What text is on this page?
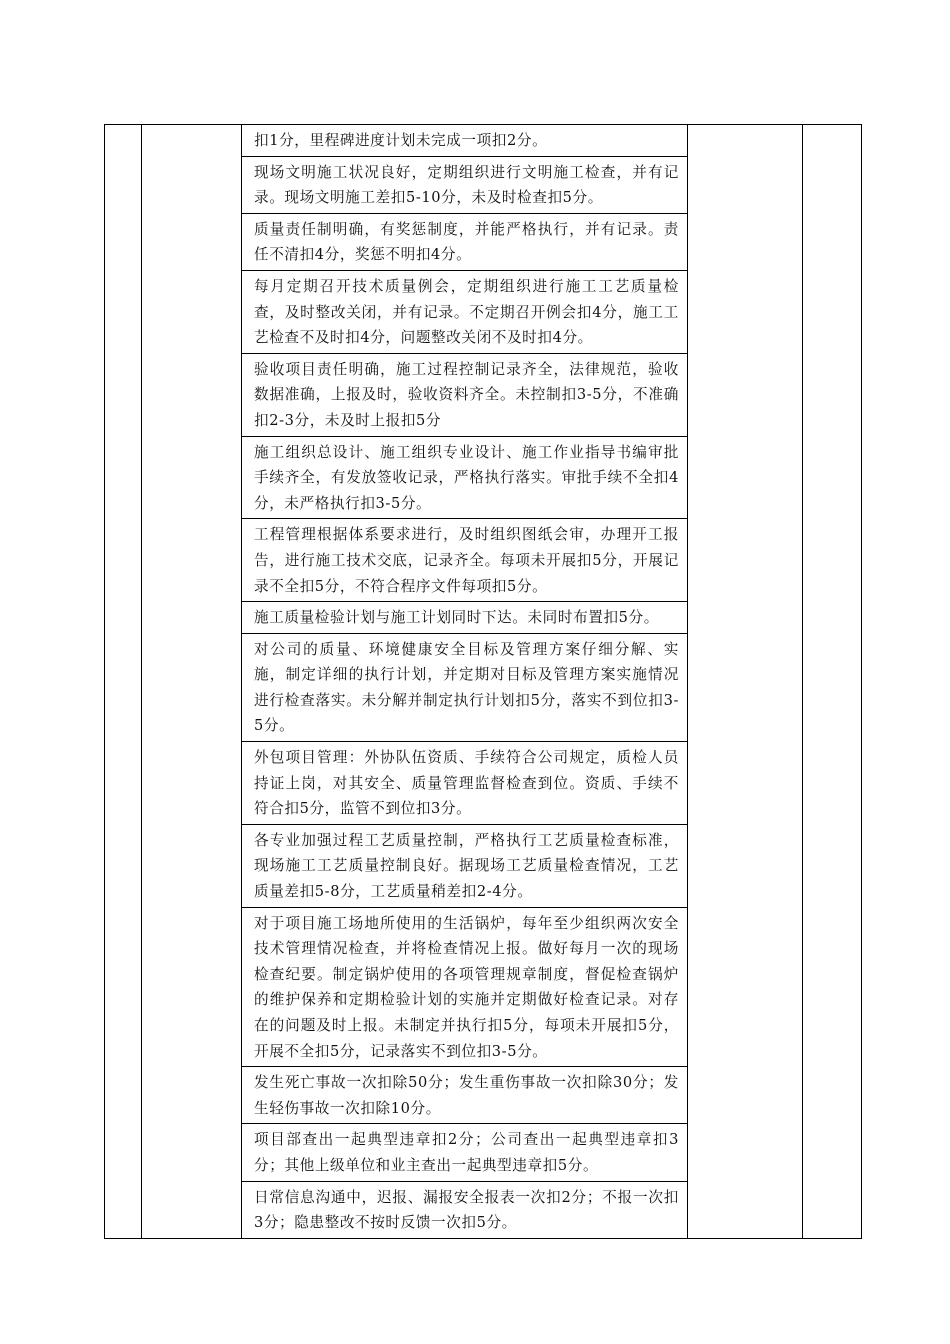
扣1分，里程碑进度计划未完成一项扣2分。

现场文明施工状况良好，定期组织进行文明施工检查，并有记录。现场文明施工差扣5-10分，未及时检查扣5分。

质量责任制明确，有奖惩制度，并能严格执行，并有记录。责任不清扣4分，奖惩不明扣4分。

每月定期召开技术质量例会，定期组织进行施工工艺质量检查，及时整改关闭，并有记录。不定期召开例会扣4分，施工工艺检查不及时扣4分，问题整改关闭不及时扣4分。

验收项目责任明确，施工过程控制记录齐全，法律规范，验收数据准确，上报及时，验收资料齐全。未控制扣3-5分，不准确扣2-3分，未及时上报扣5分

施工组织总设计、施工组织专业设计、施工作业指导书编审批手续齐全，有发放签收记录，严格执行落实。审批手续不全扣4分，未严格执行扣3-5分。

工程管理根据体系要求进行，及时组织图纸会审，办理开工报告，进行施工技术交底，记录齐全。每项未开展扣5分，开展记录不全扣5分，不符合程序文件每项扣5分。

施工质量检验计划与施工计划同时下达。未同时布置扣5分。

对公司的质量、环境健康安全目标及管理方案仔细分解、实施，制定详细的执行计划，并定期对目标及管理方案实施情况进行检查落实。未分解并制定执行计划扣5分，落实不到位扣3-5分。

外包项目管理：外协队伍资质、手续符合公司规定，质检人员持证上岗，对其安全、质量管理监督检查到位。资质、手续不符合扣5分，监管不到位扣3分。

各专业加强过程工艺质量控制，严格执行工艺质量检查标准，现场施工工艺质量控制良好。据现场工艺质量检查情况，工艺质量差扣5-8分，工艺质量稍差扣2-4分。

对于项目施工场地所使用的生活锅炉，每年至少组织两次安全技术管理情况检查，并将检查情况上报。做好每月一次的现场检查纪要。制定锅炉使用的各项管理规章制度，督促检查锅炉的维护保养和定期检验计划的实施并定期做好检查记录。对存在的问题及时上报。未制定并执行扣5分，每项未开展扣5分，开展不全扣5分，记录落实不到位扣3-5分。

发生死亡事故一次扣除50分；发生重伤事故一次扣除30分；发生轻伤事故一次扣除10分。

项目部查出一起典型违章扣2分；公司查出一起典型违章扣3分；其他上级单位和业主查出一起典型违章扣5分。

日常信息沟通中，迟报、漏报安全报表一次扣2分；不报一次扣3分；隐患整改不按时反馈一次扣5分。
